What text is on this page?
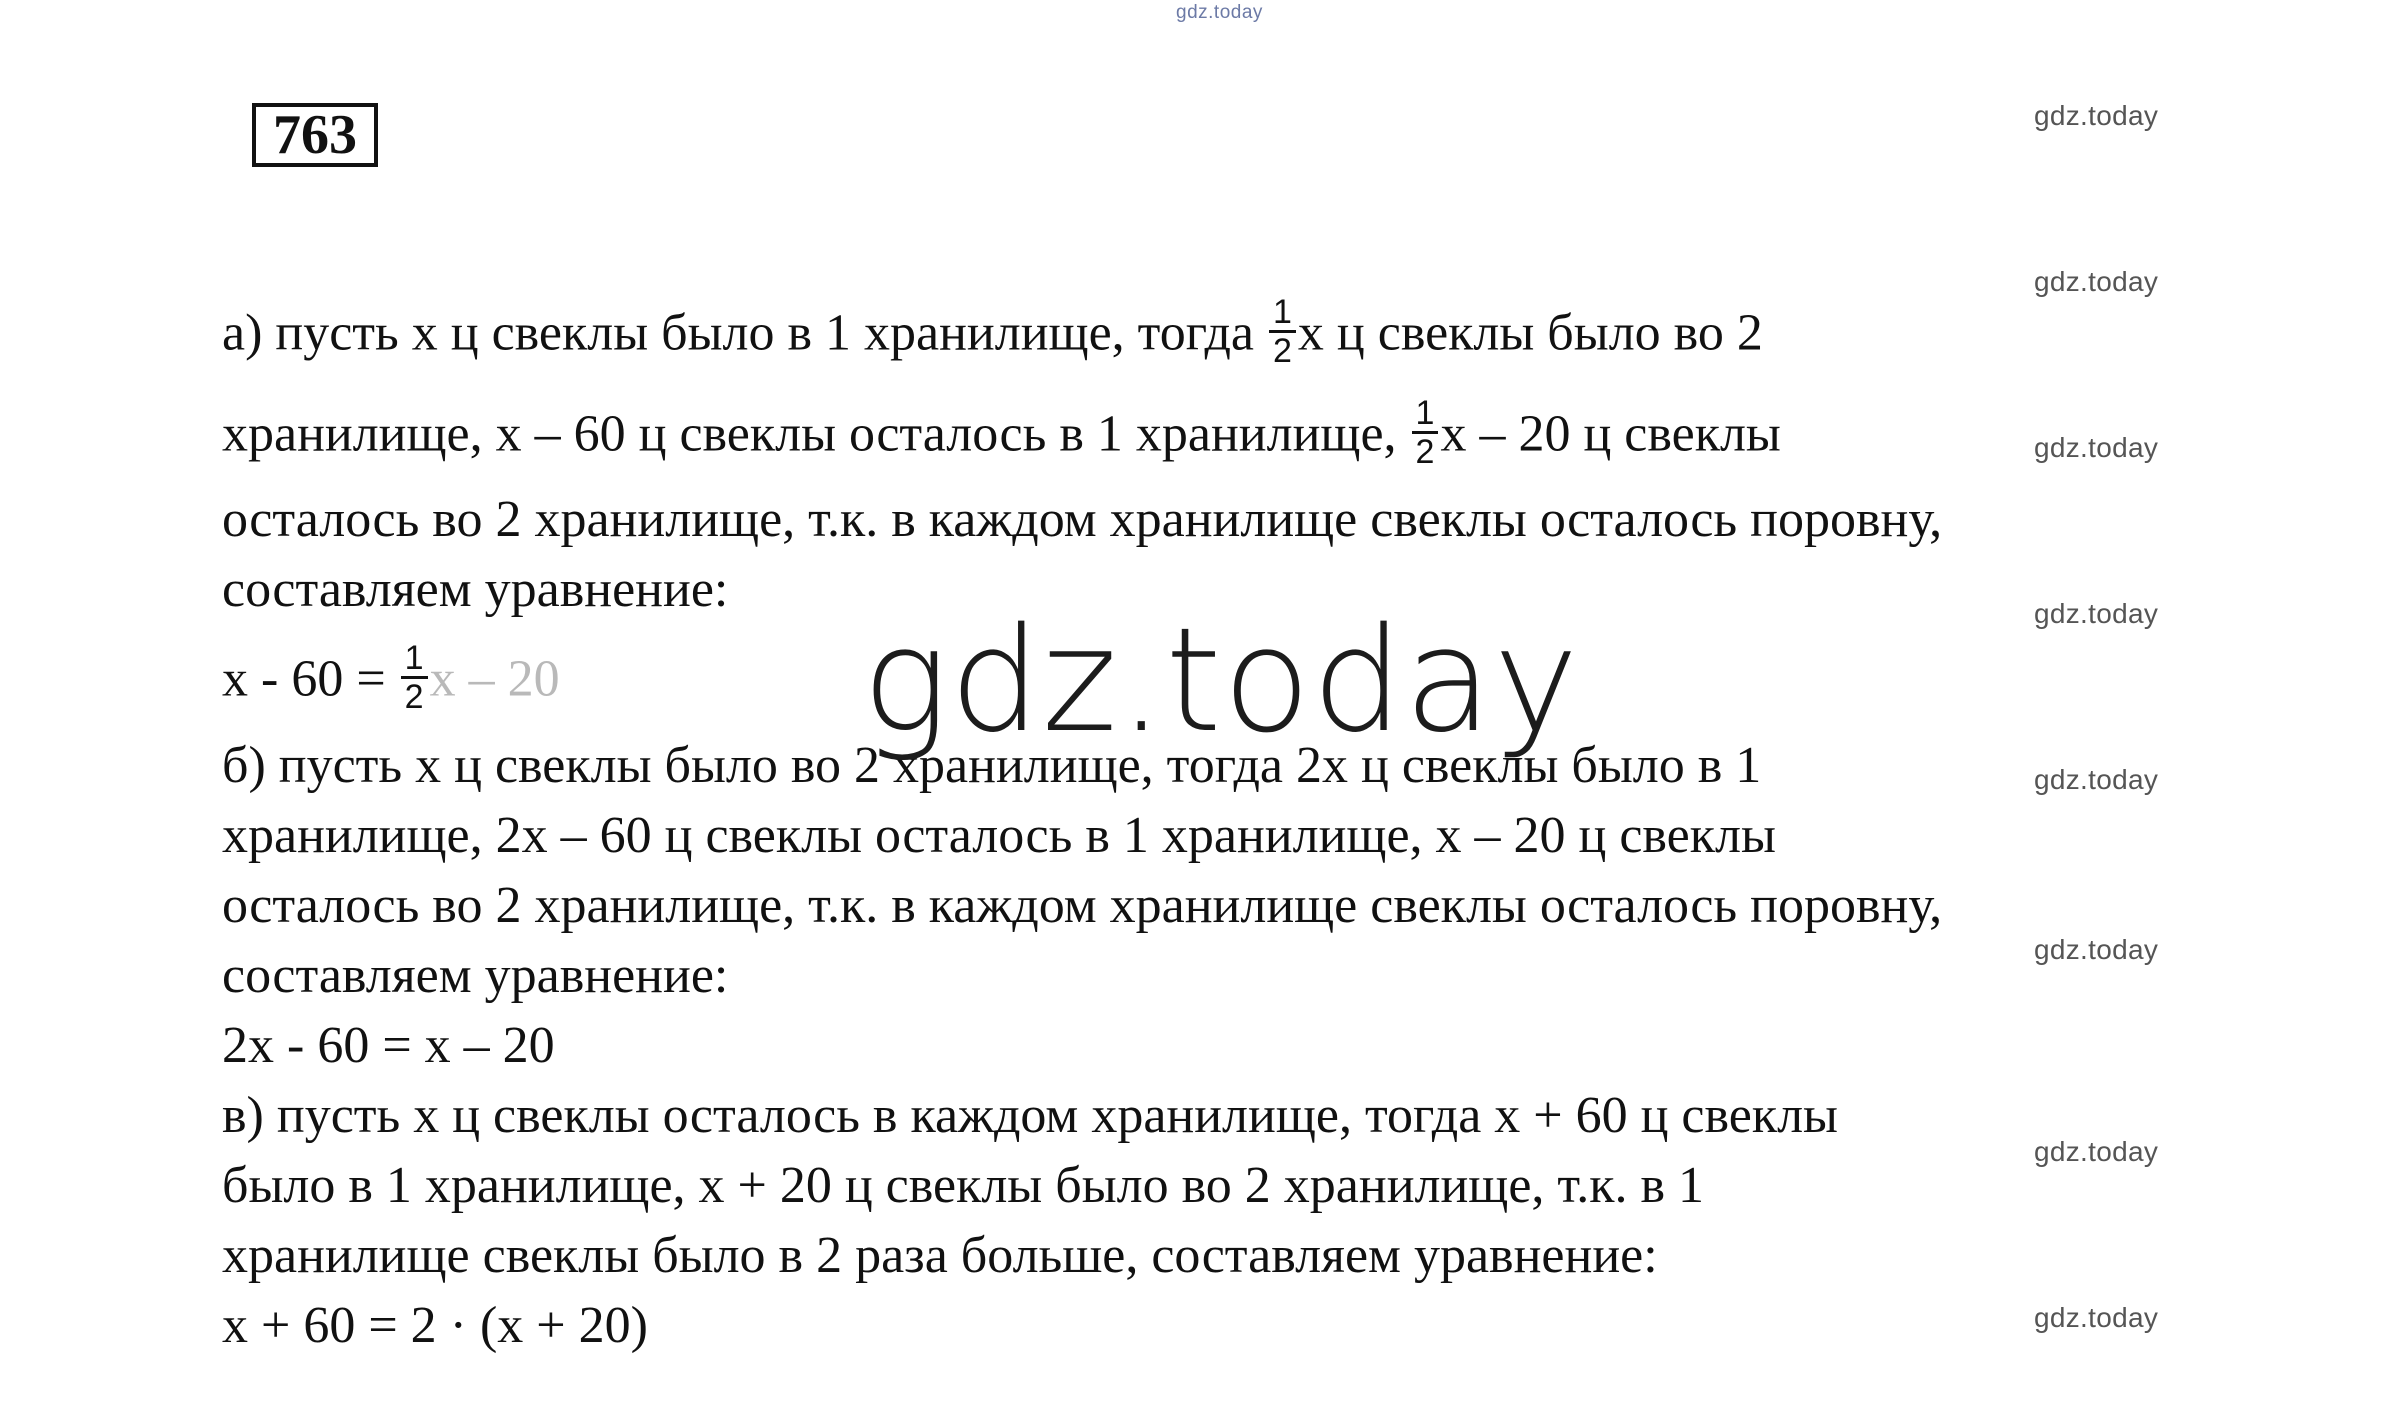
gdz.today
763	gdz.today
gdz.today
gdz.today
gdz.today
gdz.today
gdz.today
gdz.today
gdz.today
а) пусть х ц свеклы было в 1 хранилище, тогда $\frac{1}{2}$ х ц свеклы было во 2
хранилище, х – 60 ц свеклы осталось в 1 хранилище, $\frac{1}{2}$ х – 20 ц свеклы
осталось во 2 хранилище, т.к. в каждом хранилище свеклы осталось поровну,
составляем уравнение:
$х - 60 = \frac{1}{2}$ х – 20
б) пусть х ц свеклы было во 2 хранилище, тогда 2х ц свеклы было в 1
хранилище, 2х – 60 ц свеклы осталось в 1 хранилище, х – 20 ц свеклы
осталось во 2 хранилище, т.к. в каждом хранилище свеклы осталось поровну,
составляем уравнение:
2х - 60 = х – 20
в) пусть х ц свеклы осталось в каждом хранилище, тогда х + 60 ц свеклы
было в 1 хранилище, х + 20 ц свеклы было во 2 хранилище, т.к. в 1
хранилище свеклы было в 2 раза больше, составляем уравнение:
х + 60 = 2 · (х + 20)
gdz.today
